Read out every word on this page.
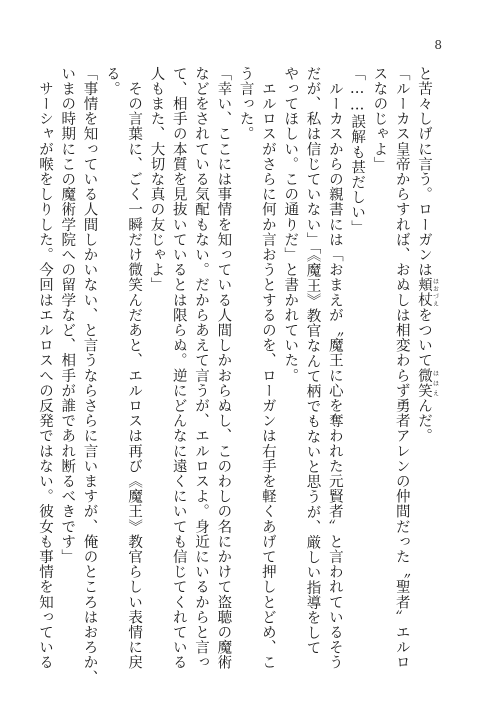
8

と苦々しげに言う。ローガンは頬杖 ほおづえをついて微笑 ほほえんだ。

「ルーカス皇帝からすれば、おぬしは相変わらず勇者アレンの仲間だった〝聖者〟エルロ

スなのじゃよ」

「……誤解も甚だしい」

　ルーカスからの親書には「おまえが〝魔王に心を奪われた元賢者〟と言われているそう

だが、私は信じていない」「《魔王》教官なんて柄でもないと思うが、厳しい指導をして

やってほしい。この通りだ」と書かれていた。

　エルロスがさらに何か言おうとするのを、ローガンは右手を軽くあげて押しとどめ、こ

う言った。

「幸い、ここには事情を知っている人間しかおらぬし、このわしの名にかけて盗聴の魔術

などをされている気配もない。だからあえて言うが、エルロスよ。身近にいるからと言っ

て、相手の本質を見抜いているとは限らぬ。逆にどんなに遠くにいても信じてくれている

人もまた、大切な真の友じゃよ」

　その言葉に、ごく一瞬だけ微笑んだあと、エルロスは再び《魔王》教官らしい表情に戻

る。

「事情を知っている人間しかいない、と言うならさらに言いますが、俺のところはおろか、

いまの時期にこの魔術学院への留学など、相手が誰であれ断るべきです」

　サーシャが喉をしりした。今回はエルロスへの反発ではない。彼女も事情を知っている
